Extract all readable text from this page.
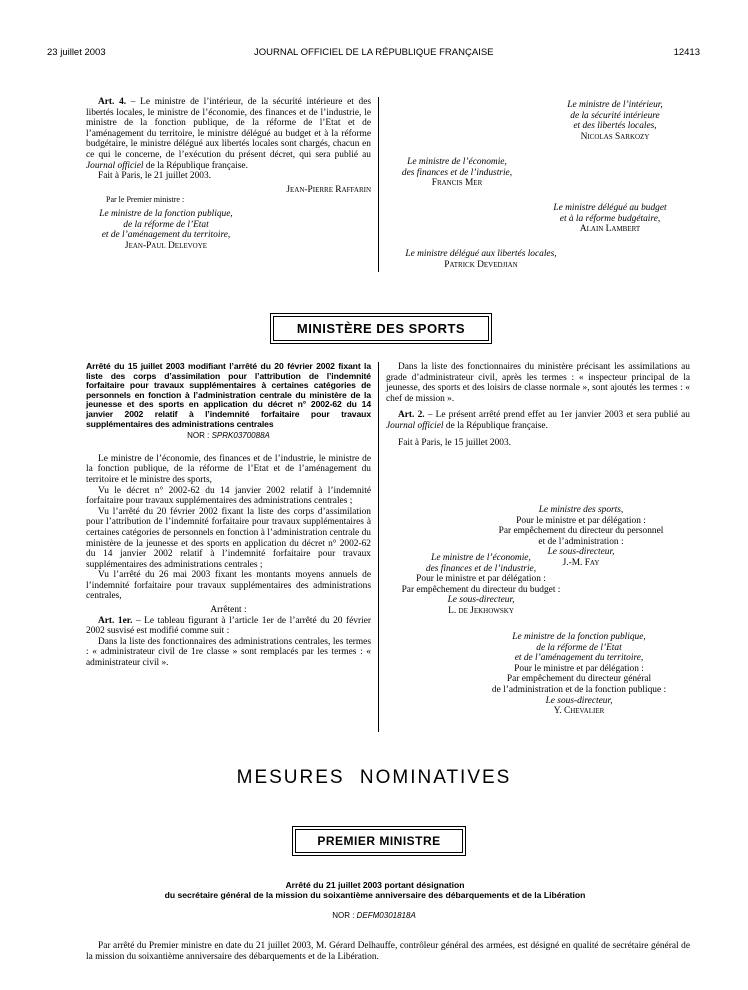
23 juillet 2003	JOURNAL OFFICIEL DE LA RÉPUBLIQUE FRANÇAISE	12413

Art. 4. – Le ministre de l’intérieur, de la sécurité intérieure et des libertés locales, le ministre de l’économie, des finances et de l’industrie, le ministre de la fonction publique, de la réforme de l’Etat et de l’aménagement du territoire, le ministre délégué au budget et à la réforme budgétaire, le ministre délégué aux libertés locales sont chargés, chacun en ce qui le concerne, de l’exécution du présent décret, qui sera publié au Journal officiel de la République française.

Fait à Paris, le 21 juillet 2003.

Jean-Pierre Raffarin

Par le Premier ministre :

Le ministre de la fonction publique,
de la réforme de l’Etat
et de l’aménagement du territoire,
Jean-Paul Delevoye
Le ministre de l’intérieur,
de la sécurité intérieure
et des libertés locales,
Nicolas Sarkozy
Le ministre de l’économie,
des finances et de l’industrie,
Francis Mer
Le ministre délégué au budget
et à la réforme budgétaire,
Alain Lambert
Le ministre délégué aux libertés locales,
Patrick Devedjian
MINISTÈRE DES SPORTS

Arrêté du 15 juillet 2003 modifiant l’arrêté du 20 février 2002 fixant la liste des corps d’assimilation pour l’attribution de l’indemnité forfaitaire pour travaux supplémentaires à certaines catégories de personnels en fonction à l’administration centrale du ministère de la jeunesse et des sports en application du décret n° 2002-62 du 14 janvier 2002 relatif à l’indemnité forfaitaire pour travaux supplémentaires des administrations centrales

NOR : SPRK0370088A

Le ministre de l’économie, des finances et de l’industrie, le ministre de la fonction publique, de la réforme de l’Etat et de l’aménagement du territoire et le ministre des sports,

Vu le décret n° 2002-62 du 14 janvier 2002 relatif à l’indemnité forfaitaire pour travaux supplémentaires des administrations centrales ;

Vu l’arrêté du 20 février 2002 fixant la liste des corps d’assimilation pour l’attribution de l’indemnité forfaitaire pour travaux supplémentaires à certaines catégories de personnels en fonction à l’administration centrale du ministère de la jeunesse et des sports en application du décret n° 2002-62 du 14 janvier 2002 relatif à l’indemnité forfaitaire pour travaux supplémentaires des administrations centrales ;

Vu l’arrêté du 26 mai 2003 fixant les montants moyens annuels de l’indemnité forfaitaire pour travaux supplémentaires des administrations centrales,

Arrêtent :

Art. 1er. – Le tableau figurant à l’article 1er de l’arrêté du 20 février 2002 susvisé est modifié comme suit :

Dans la liste des fonctionnaires des administrations centrales, les termes : « administrateur civil de 1re classe » sont remplacés par les termes : « administrateur civil ».

Dans la liste des fonctionnaires du ministère précisant les assimilations au grade d’administrateur civil, après les termes : « inspecteur principal de la jeunesse, des sports et des loisirs de classe normale », sont ajoutés les termes : « chef de mission ».

Art. 2. – Le présent arrêté prend effet au 1er janvier 2003 et sera publié au Journal officiel de la République française.

Fait à Paris, le 15 juillet 2003.

Le ministre des sports,
Pour le ministre et par délégation :
Par empêchement du directeur du personnel
et de l’administration :
Le sous-directeur,
J.-M. Fay
Le ministre de l’économie,
des finances et de l’industrie,
Pour le ministre et par délégation :
Par empêchement du directeur du budget :
Le sous-directeur,
L. de Jekhowsky
Le ministre de la fonction publique,
de la réforme de l’Etat
et de l’aménagement du territoire,
Pour le ministre et par délégation :
Par empêchement du directeur général
de l’administration et de la fonction publique :
Le sous-directeur,
Y. Chevalier
MESURES NOMINATIVES
PREMIER MINISTRE
Arrêté du 21 juillet 2003 portant désignation
du secrétaire général de la mission du soixantième anniversaire des débarquements et de la Libération
NOR : DEFM0301818A

Par arrêté du Premier ministre en date du 21 juillet 2003, M. Gérard Delhauffe, contrôleur général des armées, est désigné en qualité de secrétaire général de la mission du soixantième anniversaire des débarquements et de la Libération.
